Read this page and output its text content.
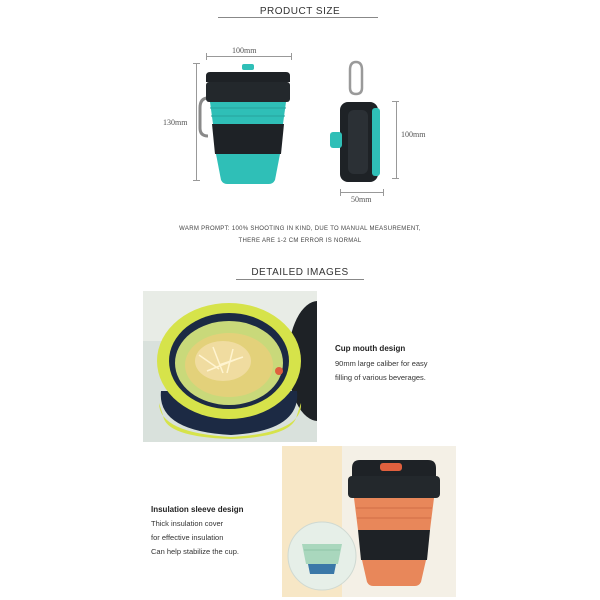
PRODUCT SIZE
100mm
130mm
100mm
50mm
WARM PROMPT: 100% SHOOTING IN KIND, DUE TO MANUAL MEASUREMENT,
THERE ARE 1-2 CM ERROR IS NORMAL
DETAILED IMAGES
Cup mouth design
90mm large caliber for easy
filling of various beverages.
Insulation sleeve design
Thick insulation cover
for effective insulation
Can help stabilize the cup.
